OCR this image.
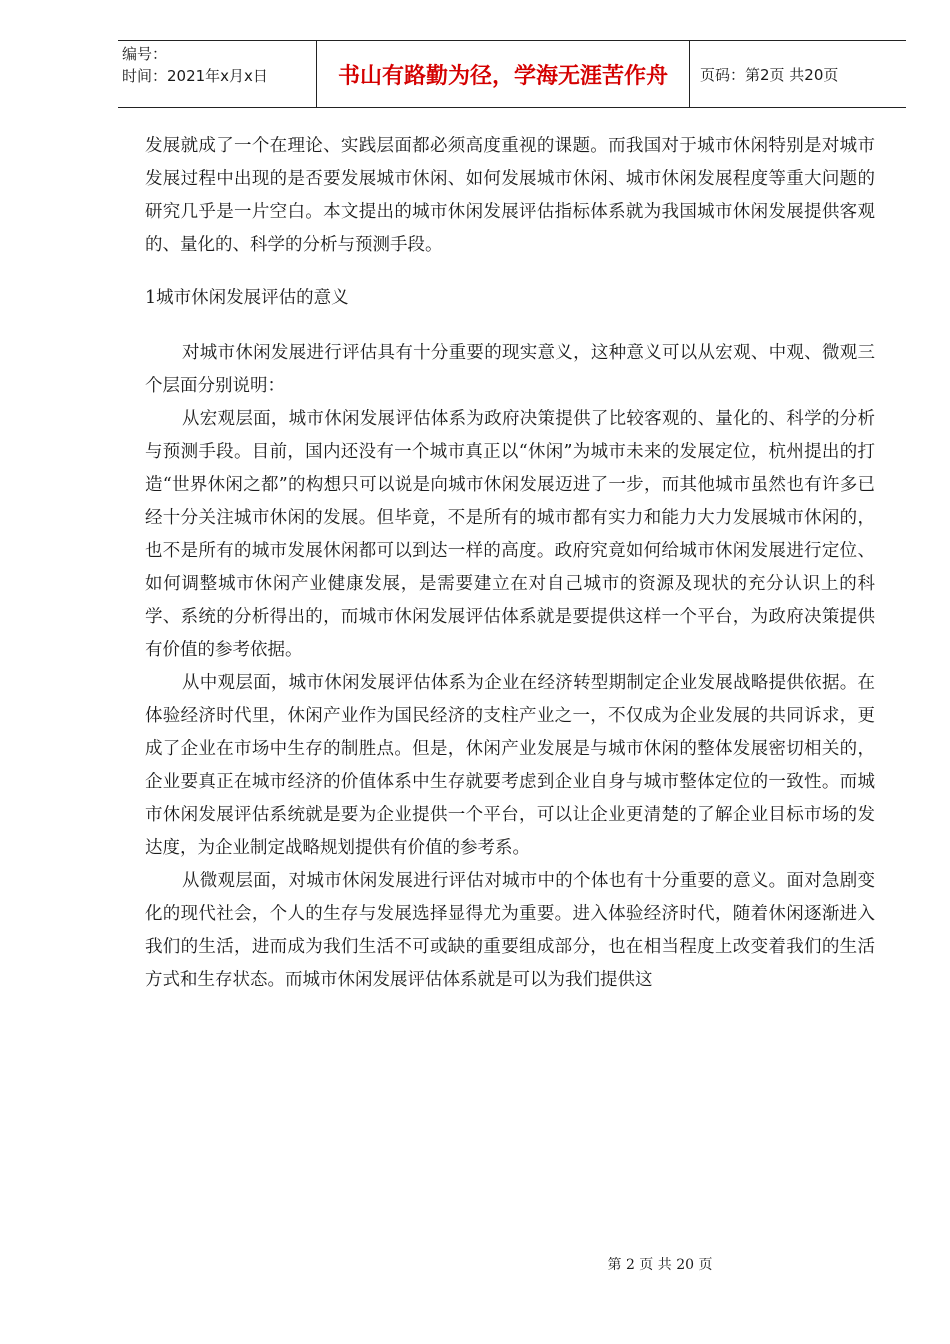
编号：
时间：2021年x月x日	书山有路勤为径，学海无涯苦作舟	页码：第2页 共20页

发展就成了一个在理论、实践层面都必须高度重视的课题。而我国对于城市休闲特别是对城市发展过程中出现的是否要发展城市休闲、如何发展城市休闲、城市休闲发展程度等重大问题的研究几乎是一片空白。本文提出的城市休闲发展评估指标体系就为我国城市休闲发展提供客观的、量化的、科学的分析与预测手段。

1城市休闲发展评估的意义

对城市休闲发展进行评估具有十分重要的现实意义，这种意义可以从宏观、中观、微观三个层面分别说明：

从宏观层面，城市休闲发展评估体系为政府决策提供了比较客观的、量化的、科学的分析与预测手段。目前，国内还没有一个城市真正以“休闲”为城市未来的发展定位，杭州提出的打造“世界休闲之都”的构想只可以说是向城市休闲发展迈进了一步，而其他城市虽然也有许多已经十分关注城市休闲的发展。但毕竟，不是所有的城市都有实力和能力大力发展城市休闲的，也不是所有的城市发展休闲都可以到达一样的高度。政府究竟如何给城市休闲发展进行定位、如何调整城市休闲产业健康发展，是需要建立在对自己城市的资源及现状的充分认识上的科学、系统的分析得出的，而城市休闲发展评估体系就是要提供这样一个平台，为政府决策提供有价值的参考依据。

从中观层面，城市休闲发展评估体系为企业在经济转型期制定企业发展战略提供依据。在体验经济时代里，休闲产业作为国民经济的支柱产业之一，不仅成为企业发展的共同诉求，更成了企业在市场中生存的制胜点。但是，休闲产业发展是与城市休闲的整体发展密切相关的，企业要真正在城市经济的价值体系中生存就要考虑到企业自身与城市整体定位的一致性。而城市休闲发展评估系统就是要为企业提供一个平台，可以让企业更清楚的了解企业目标市场的发达度，为企业制定战略规划提供有价值的参考系。

从微观层面，对城市休闲发展进行评估对城市中的个体也有十分重要的意义。面对急剧变化的现代社会，个人的生存与发展选择显得尤为重要。进入体验经济时代，随着休闲逐渐进入我们的生活，进而成为我们生活不可或缺的重要组成部分，也在相当程度上改变着我们的生活方式和生存状态。而城市休闲发展评估体系就是可以为我们提供这

第 2 页 共 20 页
